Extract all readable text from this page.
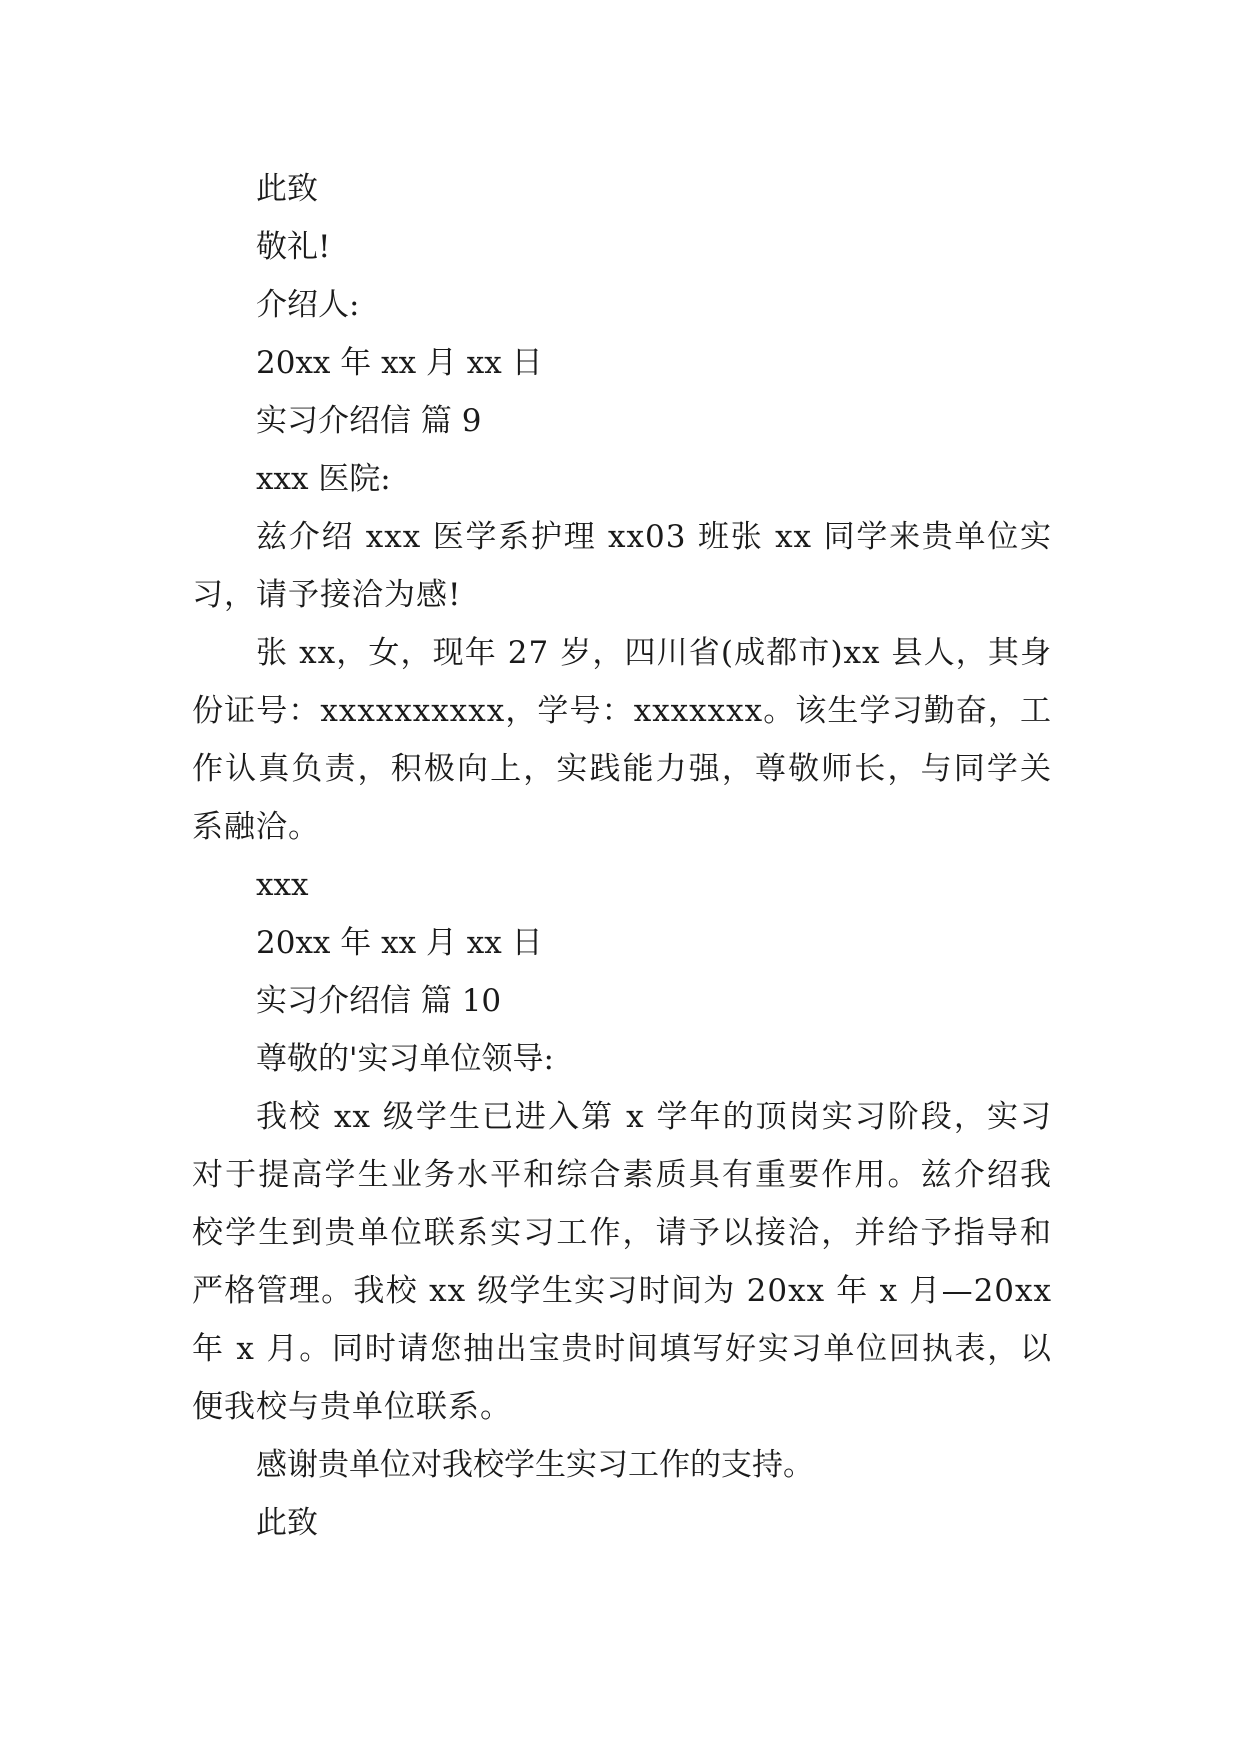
此致

敬礼!

介绍人:

20xx 年 xx 月 xx 日

实习介绍信 篇 9

xxx 医院:

兹介绍 xxx 医学系护理 xx03 班张 xx 同学来贵单位实习，请予接洽为感!

张 xx，女，现年 27 岁，四川省(成都市)xx 县人，其身份证号：xxxxxxxxxx，学号：xxxxxxx。该生学习勤奋，工作认真负责，积极向上，实践能力强，尊敬师长，与同学关系融洽。

xxx

20xx 年 xx 月 xx 日

实习介绍信 篇 10

尊敬的'实习单位领导:

我校 xx 级学生已进入第 x 学年的顶岗实习阶段，实习对于提高学生业务水平和综合素质具有重要作用。兹介绍我校学生到贵单位联系实习工作，请予以接洽，并给予指导和严格管理。我校 xx 级学生实习时间为 20xx 年 x 月—20xx 年 x 月。同时请您抽出宝贵时间填写好实习单位回执表，以便我校与贵单位联系。

感谢贵单位对我校学生实习工作的支持。

此致
